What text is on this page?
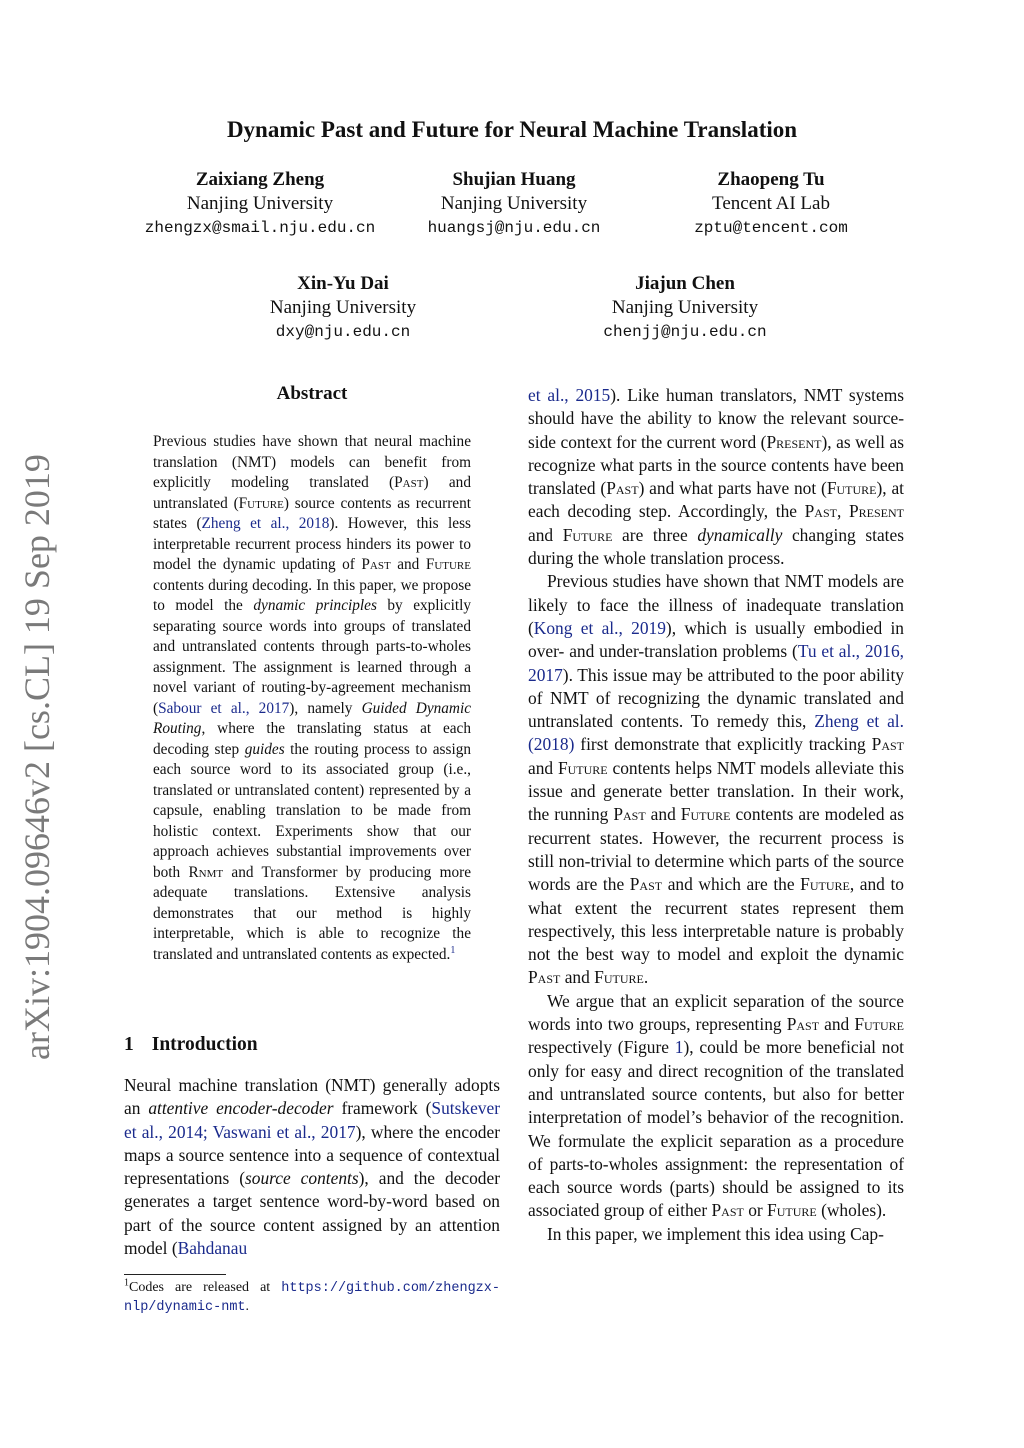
Dynamic Past and Future for Neural Machine Translation
Zaixiang Zheng
Nanjing University
zhengzx@smail.nju.edu.cn
Shujian Huang
Nanjing University
huangsj@nju.edu.cn
Zhaopeng Tu
Tencent AI Lab
zptu@tencent.com
Xin-Yu Dai
Nanjing University
dxy@nju.edu.cn
Jiajun Chen
Nanjing University
chenjj@nju.edu.cn
arXiv:1904.09646v2 [cs.CL] 19 Sep 2019
Abstract
Previous studies have shown that neural machine translation (NMT) models can benefit from explicitly modeling translated (Past) and untranslated (Future) source contents as recurrent states (Zheng et al., 2018). However, this less interpretable recurrent process hinders its power to model the dynamic updating of Past and Future contents during decoding. In this paper, we propose to model the dynamic principles by explicitly separating source words into groups of translated and untranslated contents through parts-to-wholes assignment. The assignment is learned through a novel variant of routing-by-agreement mechanism (Sabour et al., 2017), namely Guided Dynamic Routing, where the translating status at each decoding step guides the routing process to assign each source word to its associated group (i.e., translated or untranslated content) represented by a capsule, enabling translation to be made from holistic context. Experiments show that our approach achieves substantial improvements over both Rnmt and Transformer by producing more adequate translations. Extensive analysis demonstrates that our method is highly interpretable, which is able to recognize the translated and untranslated contents as expected.$^1$
1 Introduction
Neural machine translation (NMT) generally adopts an attentive encoder-decoder framework (Sutskever et al., 2014; Vaswani et al., 2017), where the encoder maps a source sentence into a sequence of contextual representations (source contents), and the decoder generates a target sentence word-by-word based on part of the source content assigned by an attention model (Bahdanau
$^1$Codes are released at https://github.com/zhengzx-nlp/dynamic-nmt.

et al., 2015). Like human translators, NMT systems should have the ability to know the relevant source-side context for the current word (Present), as well as recognize what parts in the source contents have been translated (Past) and what parts have not (Future), at each decoding step. Accordingly, the Past, Present and Future are three dynamically changing states during the whole translation process.

Previous studies have shown that NMT models are likely to face the illness of inadequate translation (Kong et al., 2019), which is usually embodied in over- and under-translation problems (Tu et al., 2016, 2017). This issue may be attributed to the poor ability of NMT of recognizing the dynamic translated and untranslated contents. To remedy this, Zheng et al. (2018) first demonstrate that explicitly tracking Past and Future contents helps NMT models alleviate this issue and generate better translation. In their work, the running Past and Future contents are modeled as recurrent states. However, the recurrent process is still non-trivial to determine which parts of the source words are the Past and which are the Future, and to what extent the recurrent states represent them respectively, this less interpretable nature is probably not the best way to model and exploit the dynamic Past and Future.

We argue that an explicit separation of the source words into two groups, representing Past and Future respectively (Figure 1), could be more beneficial not only for easy and direct recognition of the translated and untranslated source contents, but also for better interpretation of model’s behavior of the recognition. We formulate the explicit separation as a procedure of parts-to-wholes assignment: the representation of each source words (parts) should be assigned to its associated group of either Past or Future (wholes).

In this paper, we implement this idea using Cap-
